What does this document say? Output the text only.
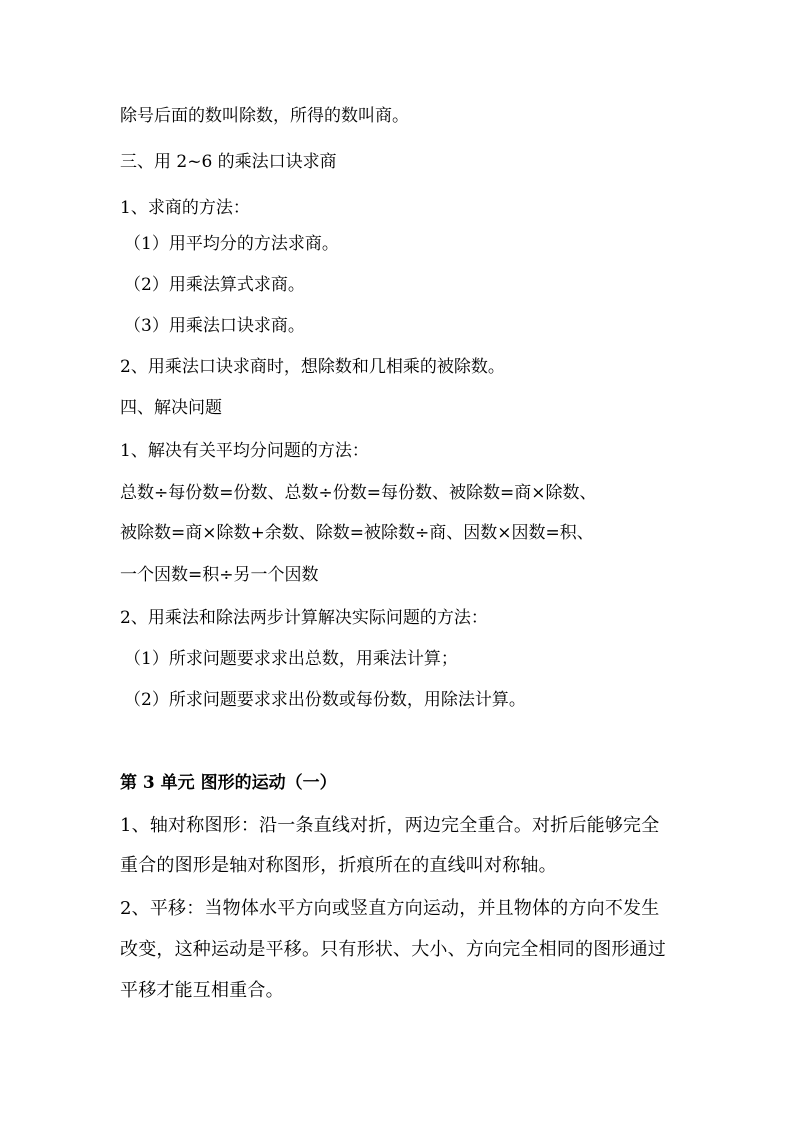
除号后面的数叫除数，所得的数叫商。
三、用 2~6 的乘法口诀求商
1、求商的方法：
（1）用平均分的方法求商。
（2）用乘法算式求商。
（3）用乘法口诀求商。
2、用乘法口诀求商时，想除数和几相乘的被除数。
四、解决问题
1、解决有关平均分问题的方法：
总数÷每份数=份数、总数÷份数=每份数、被除数=商×除数、
被除数=商×除数+余数、除数=被除数÷商、因数×因数=积、
一个因数=积÷另一个因数
2、用乘法和除法两步计算解决实际问题的方法：
（1）所求问题要求求出总数，用乘法计算；
（2）所求问题要求求出份数或每份数，用除法计算。
第 3 单元 图形的运动（一）
1、轴对称图形：沿一条直线对折，两边完全重合。对折后能够完全
重合的图形是轴对称图形，折痕所在的直线叫对称轴。
2、平移：当物体水平方向或竖直方向运动，并且物体的方向不发生
改变，这种运动是平移。只有形状、大小、方向完全相同的图形通过
平移才能互相重合。
